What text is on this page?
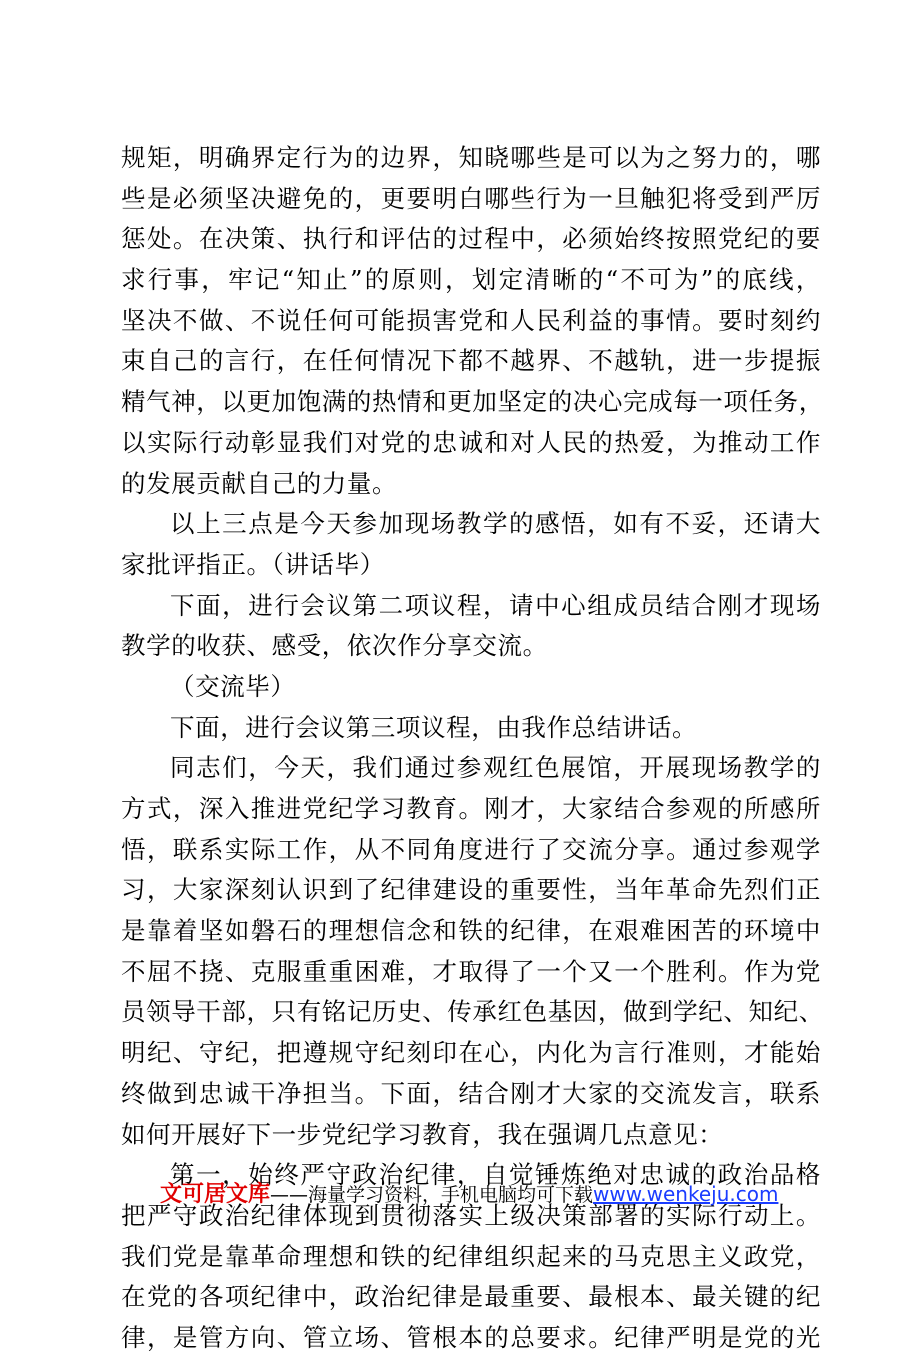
规矩，明确界定行为的边界，知晓哪些是可以为之努力的，哪
些是必须坚决避免的，更要明白哪些行为一旦触犯将受到严厉
惩处。在决策、执行和评估的过程中，必须始终按照党纪的要
求行事，牢记“知止”的原则，划定清晰的“不可为”的底线，
坚决不做、不说任何可能损害党和人民利益的事情。要时刻约
束自己的言行，在任何情况下都不越界、不越轨，进一步提振
精气神，以更加饱满的热情和更加坚定的决心完成每一项任务，
以实际行动彰显我们对党的忠诚和对人民的热爱，为推动工作
的发展贡献自己的力量。
以上三点是今天参加现场教学的感悟，如有不妥，还请大
家批评指正。（讲话毕）
下面，进行会议第二项议程，请中心组成员结合刚才现场
教学的收获、感受，依次作分享交流。
（交流毕）
下面，进行会议第三项议程，由我作总结讲话。
同志们，今天，我们通过参观红色展馆，开展现场教学的
方式，深入推进党纪学习教育。刚才，大家结合参观的所感所
悟，联系实际工作，从不同角度进行了交流分享。通过参观学
习，大家深刻认识到了纪律建设的重要性，当年革命先烈们正
是靠着坚如磐石的理想信念和铁的纪律，在艰难困苦的环境中
不屈不挠、克服重重困难，才取得了一个又一个胜利。作为党
员领导干部，只有铭记历史、传承红色基因，做到学纪、知纪、
明纪、守纪，把遵规守纪刻印在心，内化为言行准则，才能始
终做到忠诚干净担当。下面，结合刚才大家的交流发言，联系
如何开展好下一步党纪学习教育，我在强调几点意见：
第一，始终严守政治纪律，自觉锤炼绝对忠诚的政治品格
把严守政治纪律体现到贯彻落实上级决策部署的实际行动上。
我们党是靠革命理想和铁的纪律组织起来的马克思主义政党，
在党的各项纪律中，政治纪律是最重要、最根本、最关键的纪
律，是管方向、管立场、管根本的总要求。纪律严明是党的光
文可居文库——海量学习资料，手机电脑均可下载www.wenkeju.com
